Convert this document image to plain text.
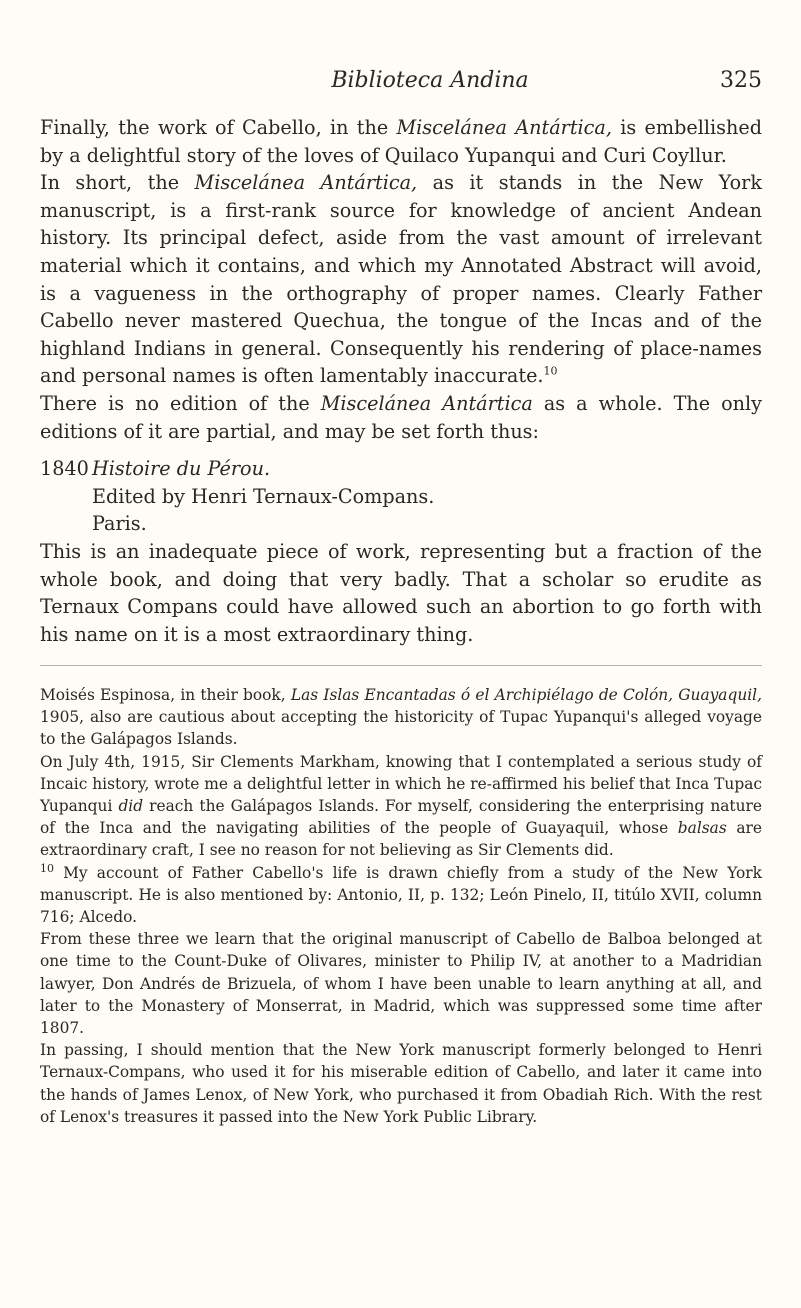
Biblioteca Andina	325

Finally, the work of Cabello, in the Miscelánea Antártica, is embellished by a delightful story of the loves of Quilaco Yupanqui and Curi Coyllur.

In short, the Miscelánea Antártica, as it stands in the New York manuscript, is a first-rank source for knowledge of ancient Andean history. Its principal defect, aside from the vast amount of irrelevant material which it contains, and which my Annotated Abstract will avoid, is a vagueness in the orthography of proper names. Clearly Father Cabello never mastered Quechua, the tongue of the Incas and of the highland Indians in general. Consequently his rendering of place-names and personal names is often lamentably inaccurate.$^{10}$

There is no edition of the Miscelánea Antártica as a whole. The only editions of it are partial, and may be set forth thus:

1840 Histoire du Pérou.
Edited by Henri Ternaux-Compans.
Paris.

This is an inadequate piece of work, representing but a fraction of the whole book, and doing that very badly. That a scholar so erudite as Ternaux Compans could have allowed such an abortion to go forth with his name on it is a most extraordinary thing.

Moisés Espinosa, in their book, Las Islas Encantadas ó el Archipiélago de Colón, Guayaquil, 1905, also are cautious about accepting the historicity of Tupac Yupanqui's alleged voyage to the Galápagos Islands.

On July 4th, 1915, Sir Clements Markham, knowing that I contemplated a serious study of Incaic history, wrote me a delightful letter in which he re-affirmed his belief that Inca Tupac Yupanqui did reach the Galápagos Islands. For myself, considering the enterprising nature of the Inca and the navigating abilities of the people of Guayaquil, whose balsas are extraordinary craft, I see no reason for not believing as Sir Clements did.

$^{10}$ My account of Father Cabello's life is drawn chiefly from a study of the New York manuscript. He is also mentioned by: Antonio, II, p. 132; León Pinelo, II, titúlo XVII, column 716; Alcedo.

From these three we learn that the original manuscript of Cabello de Balboa belonged at one time to the Count-Duke of Olivares, minister to Philip IV, at another to a Madridian lawyer, Don Andrés de Brizuela, of whom I have been unable to learn anything at all, and later to the Monastery of Monserrat, in Madrid, which was suppressed some time after 1807.

In passing, I should mention that the New York manuscript formerly belonged to Henri Ternaux-Compans, who used it for his miserable edition of Cabello, and later it came into the hands of James Lenox, of New York, who purchased it from Obadiah Rich. With the rest of Lenox's treasures it passed into the New York Public Library.
